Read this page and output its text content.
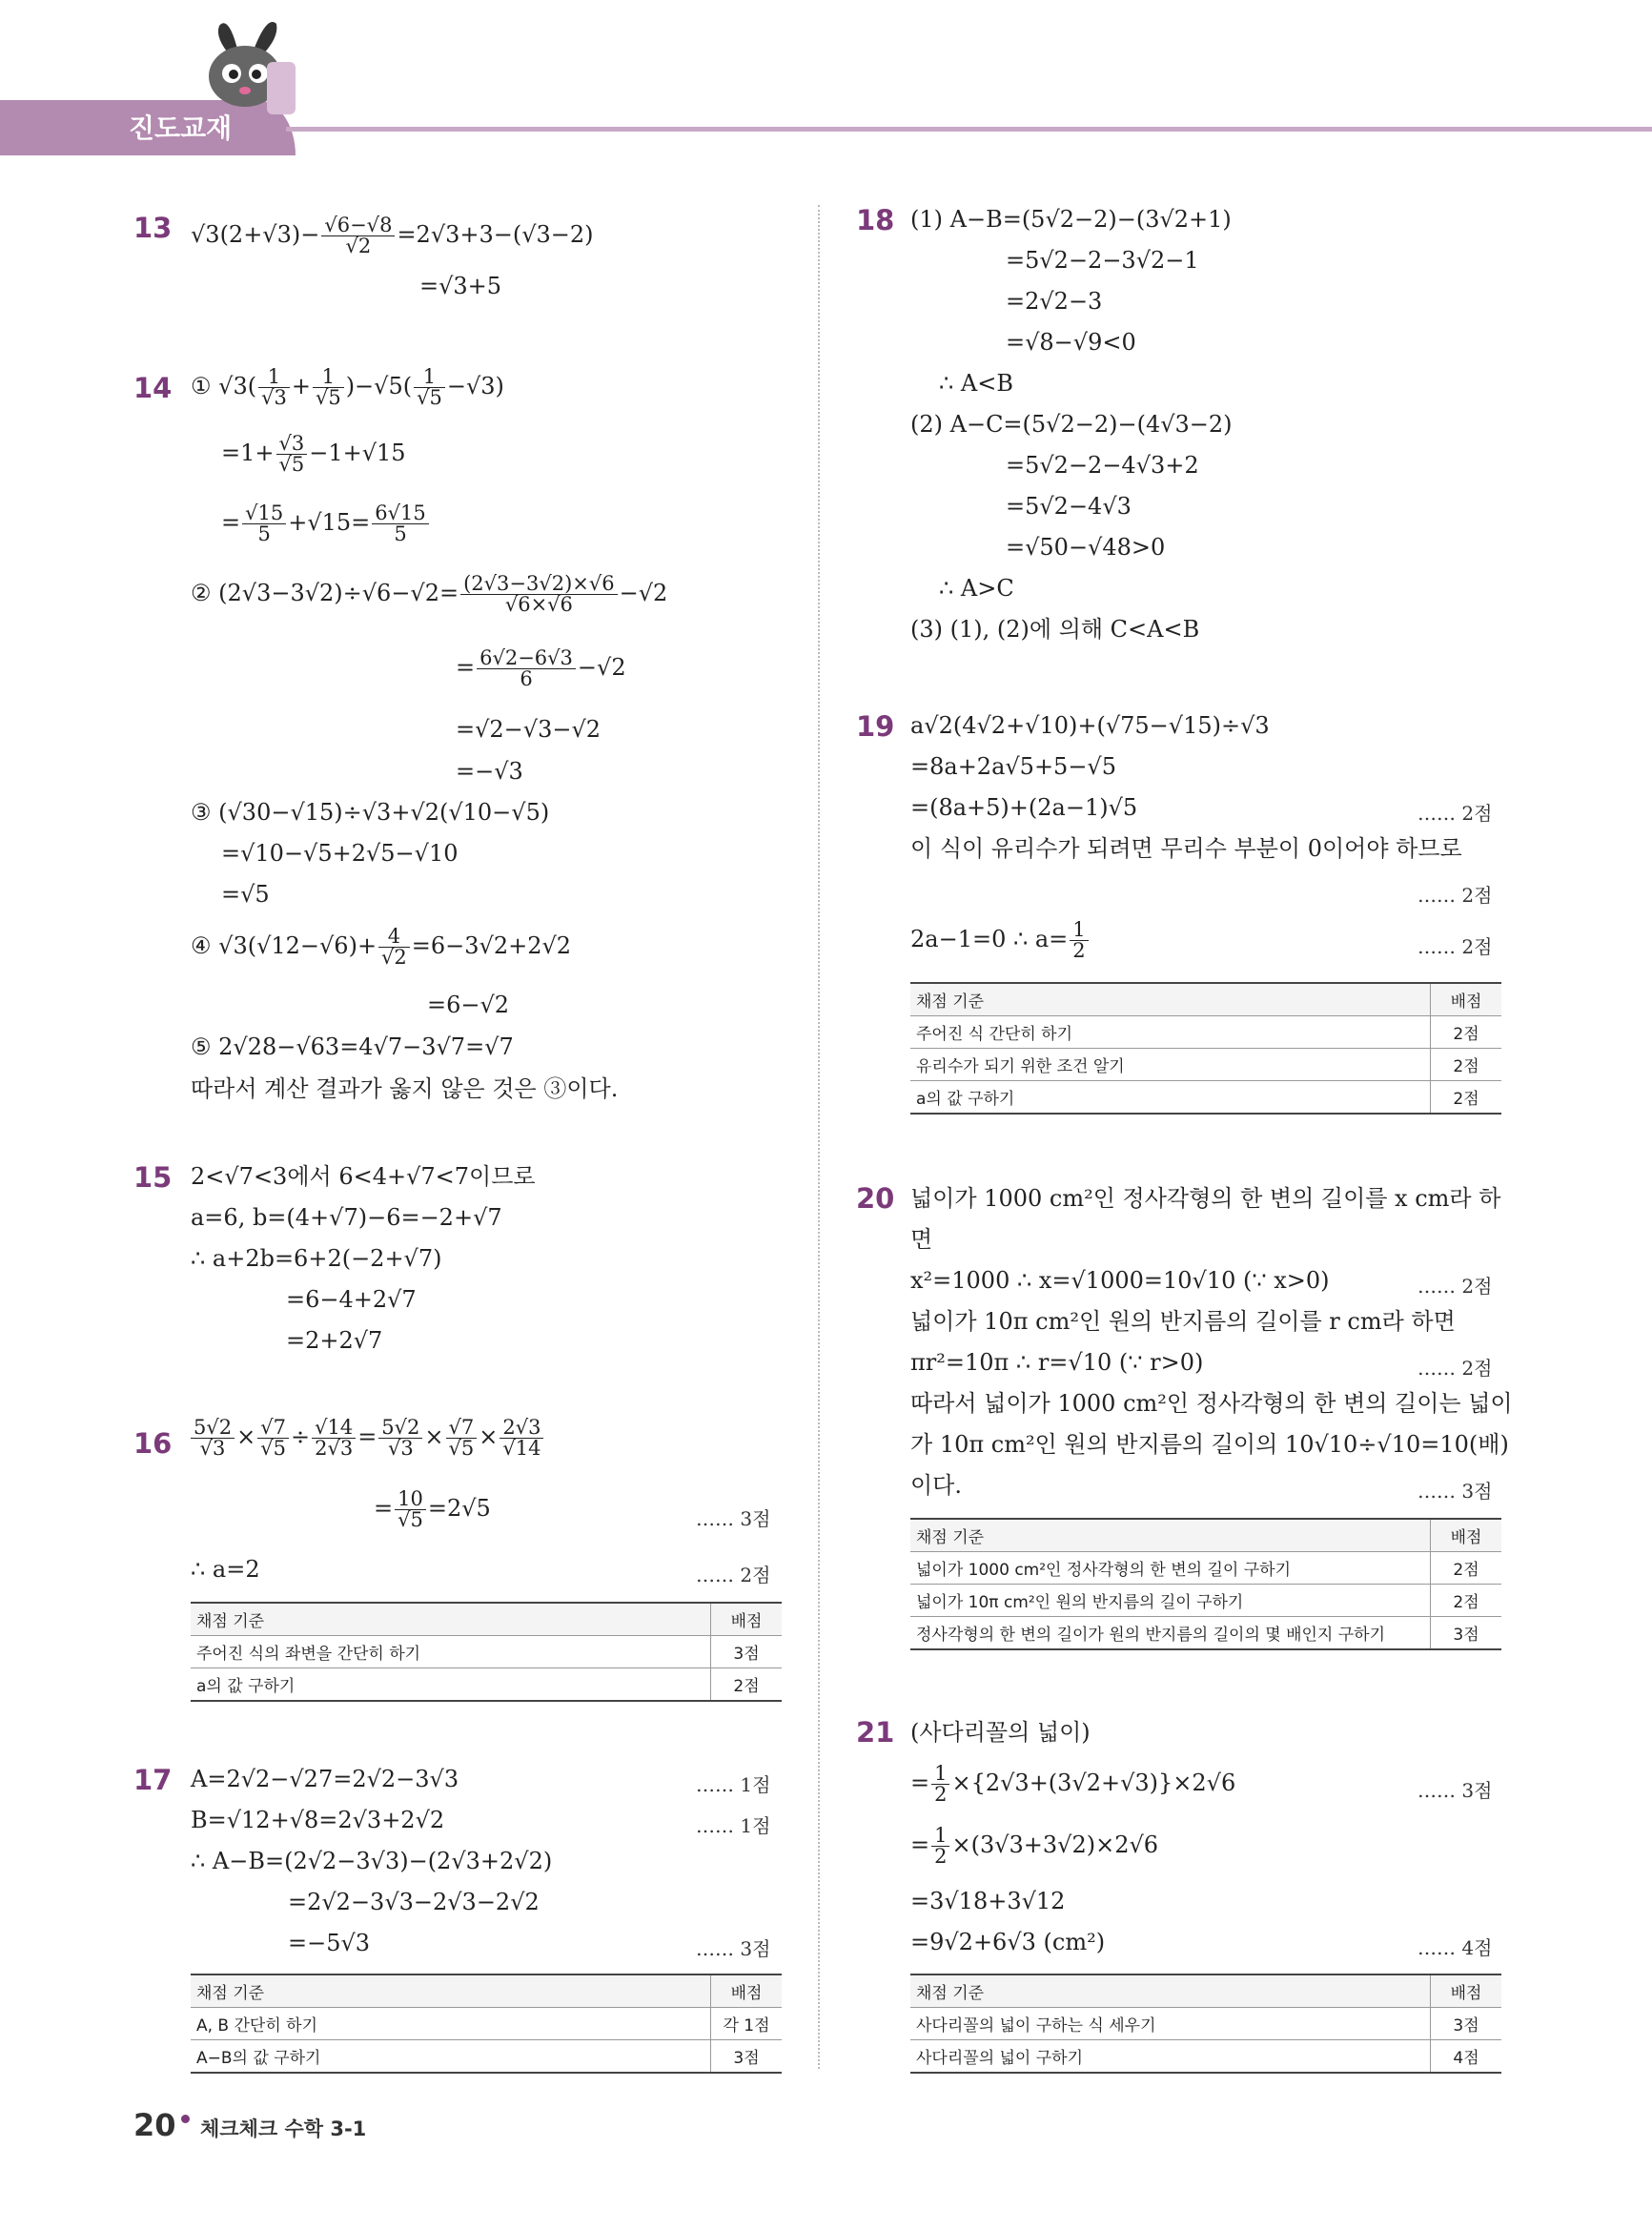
진도교재
13 $√3(2+√3)- \frac{√6-√8}{√2} =2√3+3-(√3-2)$
=√3+5
14 ① $√3( \frac{1}{√3} + \frac{1}{√5} )-√5( \frac{1}{√5} -√3)$
$=1+ \frac{√3}{√5} -1+√15$
= $\frac{√15}{5} +√15= \frac{6√15}{5}$
② $(2√3-3√2)\div√6-√2= \frac{(2√3-3√2)\times√6}{√6\times√6} -√2$
= $\frac{6√2-6√3}{6} -√2$
=√2−√3−√2
=−√3
③ (√30−√15)÷√3+√2(√10−√5)
=√10−√5+2√5−√10
=√5
④ $√3(√12-√6)+ \frac{4}{√2} =6-3√2+2√2$
=6−√2
⑤ 2√28−√63=4√7−3√7=√7
따라서 계산 결과가 옳지 않은 것은 ③이다.
15 2<√7<3에서 6<4+√7<7이므로
a=6, b=(4+√7)−6=−2+√7
∴ a+2b=6+2(−2+√7)
=6−4+2√7
=2+2√7
$16 \frac{5√2}{√3} \times \frac{√7}{√5} \div \frac{√14}{2√3} = \frac{5√2}{√3} \times \frac{√7}{√5} \times \frac{2√3}{√14}$
= $\frac{10}{√5} =2√5$	…… 3점
∴ a=2	…… 2점
채점 기준	배점
주어진 식의 좌변을 간단히 하기	3점
a의 값 구하기	2점
17 A=2√2−√27=2√2−3√3	…… 1점
B=√12+√8=2√3+2√2	…… 1점
∴ A−B=(2√2−3√3)−(2√3+2√2)
=2√2−3√3−2√3−2√2
=−5√3	…… 3점
채점 기준	배점
A, B 간단히 하기	각 1점
A−B의 값 구하기	3점
18 (1) A−B=(5√2−2)−(3√2+1)
=5√2−2−3√2−1
=2√2−3
=√8−√9<0
∴ A<B
(2) A−C=(5√2−2)−(4√3−2)
=5√2−2−4√3+2
=5√2−4√3
=√50−√48>0
∴ A>C
(3) (1), (2)에 의해 C<A<B
19 a√2(4√2+√10)+(√75−√15)÷√3
=8a+2a√5+5−√5
=(8a+5)+(2a−1)√5	…… 2점
이 식이 유리수가 되려면 무리수 부분이 0이어야 하므로
…… 2점
2a−1=0 ∴ $a= \frac{1}{2}$	…… 2점
채점 기준	배점
주어진 식 간단히 하기	2점
유리수가 되기 위한 조건 알기	2점
a의 값 구하기	2점
20 넓이가 1000 cm²인 정사각형의 한 변의 길이를 x cm라 하
면
x²=1000 ∴ x=√1000=10√10 (∵ x>0)	…… 2점
넓이가 10π cm²인 원의 반지름의 길이를 r cm라 하면
πr²=10π ∴ r=√10 (∵ r>0)	…… 2점
따라서 넓이가 1000 cm²인 정사각형의 한 변의 길이는 넓이
가 10π cm²인 원의 반지름의 길이의 10√10÷√10=10(배)
이다.	…… 3점
채점 기준	배점
넓이가 1000 cm²인 정사각형의 한 변의 길이 구하기	2점
넓이가 10π cm²인 원의 반지름의 길이 구하기	2점
정사각형의 한 변의 길이가 원의 반지름의 길이의 몇 배인지 구하기	3점
21 (사다리꼴의 넓이)
= $\frac{1}{2} \times\{2√3+(3√2+√3)\}\times 2√6$	…… 3점
= $\frac{1}{2} \times(3√3+3√2)\times 2√6$
=3√18+3√12
=9√2+6√3 (cm²)	…… 4점
채점 기준	배점
사다리꼴의 넓이 구하는 식 세우기	3점
사다리꼴의 넓이 구하기	4점
20 체크체크 수학 3-1
